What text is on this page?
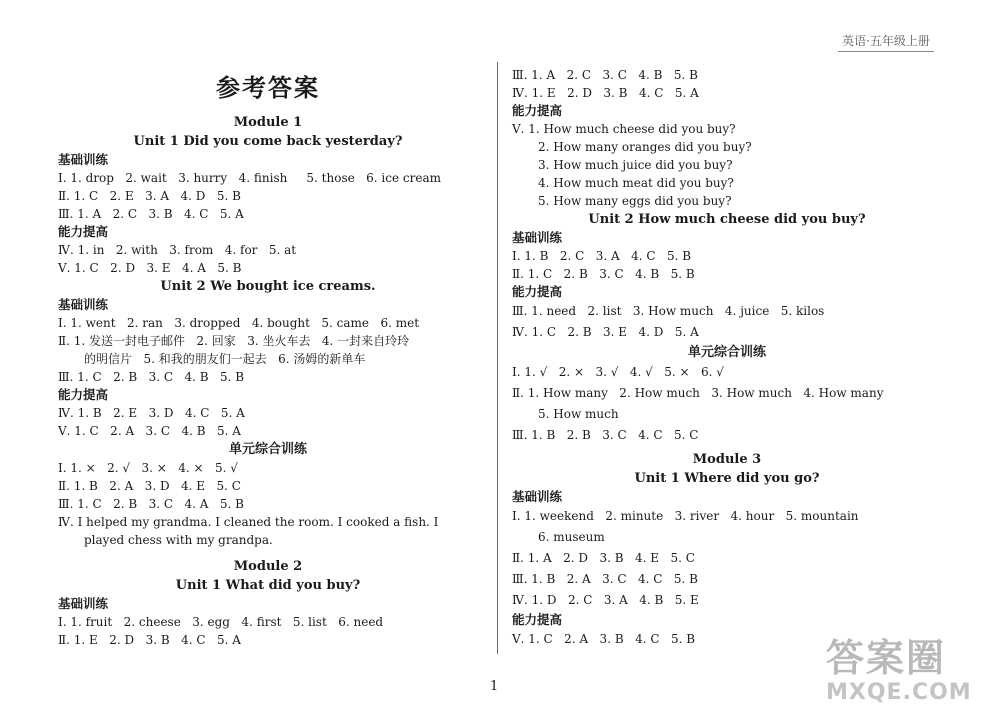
英语·五年级上册
参考答案
Module 1
Unit 1 Did you come back yesterday?
基础训练
Ⅰ. 1. drop   2. wait   3. hurry   4. finish     5. those   6. ice cream
Ⅱ. 1. C   2. E   3. A   4. D   5. B
Ⅲ. 1. A   2. C   3. B   4. C   5. A
能力提高
Ⅳ. 1. in   2. with   3. from   4. for   5. at
Ⅴ. 1. C   2. D   3. E   4. A   5. B
Unit 2 We bought ice creams.
基础训练
Ⅰ. 1. went   2. ran   3. dropped   4. bought   5. came   6. met
Ⅱ. 1. 发送一封电子邮件   2. 回家   3. 坐火车去   4. 一封来自玲玲
的明信片   5. 和我的朋友们一起去   6. 汤姆的新单车
Ⅲ. 1. C   2. B   3. C   4. B   5. B
能力提高
Ⅳ. 1. B   2. E   3. D   4. C   5. A
Ⅴ. 1. C   2. A   3. C   4. B   5. A
单元综合训练
Ⅰ. 1. ×   2. √   3. ×   4. ×   5. √
Ⅱ. 1. B   2. A   3. D   4. E   5. C
Ⅲ. 1. C   2. B   3. C   4. A   5. B
Ⅳ. I helped my grandma. I cleaned the room. I cooked a fish. I
played chess with my grandpa.
Module 2
Unit 1 What did you buy?
基础训练
Ⅰ. 1. fruit   2. cheese   3. egg   4. first   5. list   6. need
Ⅱ. 1. E   2. D   3. B   4. C   5. A
Ⅲ. 1. A   2. C   3. C   4. B   5. B
Ⅳ. 1. E   2. D   3. B   4. C   5. A
能力提高
Ⅴ. 1. How much cheese did you buy?
2. How many oranges did you buy?
3. How much juice did you buy?
4. How much meat did you buy?
5. How many eggs did you buy?
Unit 2 How much cheese did you buy?
基础训练
Ⅰ. 1. B   2. C   3. A   4. C   5. B
Ⅱ. 1. C   2. B   3. C   4. B   5. B
能力提高
Ⅲ. 1. need   2. list   3. How much   4. juice   5. kilos
Ⅳ. 1. C   2. B   3. E   4. D   5. A
单元综合训练
Ⅰ. 1. √   2. ×   3. √   4. √   5. ×   6. √
Ⅱ. 1. How many   2. How much   3. How much   4. How many
5. How much
Ⅲ. 1. B   2. B   3. C   4. C   5. C
Module 3
Unit 1 Where did you go?
基础训练
Ⅰ. 1. weekend   2. minute   3. river   4. hour   5. mountain
6. museum
Ⅱ. 1. A   2. D   3. B   4. E   5. C
Ⅲ. 1. B   2. A   3. C   4. C   5. B
Ⅳ. 1. D   2. C   3. A   4. B   5. E
能力提高
Ⅴ. 1. C   2. A   3. B   4. C   5. B
1
答案圈
MXQE.COM
